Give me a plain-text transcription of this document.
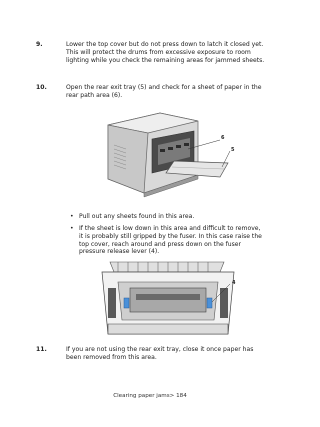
9.	Lower the top cover but do not press down to latch it closed yet. This will protect the drums from excessive exposure to room lighting while you check the remaining areas for jammed sheets.
10.	Open the rear exit tray (5) and check for a sheet of paper in the rear path area (6).
6
5
• Pull out any sheets found in this area.
• If the sheet is low down in this area and difficult to remove, it is probably still gripped by the fuser. In this case raise the top cover, reach around and press down on the fuser pressure release lever (4).
4
11.	If you are not using the rear exit tray, close it once paper has been removed from this area.
Clearing paper jams> 184
